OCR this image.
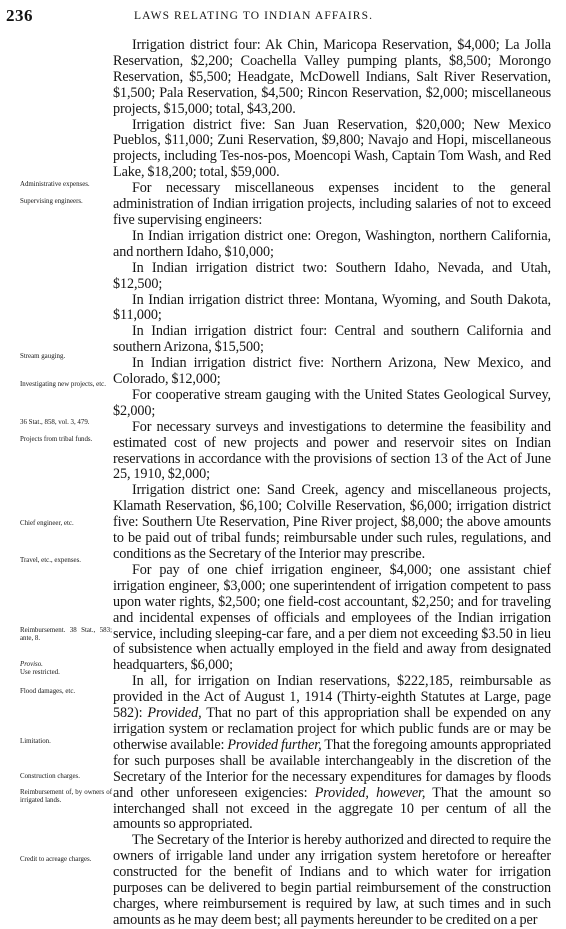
236	LAWS RELATING TO INDIAN AFFAIRS.
Administrative expenses.
Supervising engineers.
Stream gauging.
Investigating new projects, etc.
36 Stat., 858, vol. 3, 479.
Projects from tribal funds.
Chief engineer, etc.
Travel, etc., expenses.
Reimbursement. 38 Stat., 583; ante, 8.
Proviso.
Use restricted.
Flood damages, etc.
Limitation.
Construction charges.
Reimbursement of, by owners of irrigated lands.
Credit to acreage charges.

Irrigation district four: Ak Chin, Maricopa Reservation, $4,000; La Jolla Reservation, $2,200; Coachella Valley pumping plants, $8,500; Morongo Reservation, $5,500; Headgate, McDowell Indians, Salt River Reservation, $1,500; Pala Reservation, $4,500; Rincon Reservation, $2,000; miscellaneous projects, $15,000; total, $43,200.

Irrigation district five: San Juan Reservation, $20,000; New Mexico Pueblos, $11,000; Zuni Reservation, $9,800; Navajo and Hopi, miscellaneous projects, including Tes-nos-pos, Moencopi Wash, Captain Tom Wash, and Red Lake, $18,200; total, $59,000.

For necessary miscellaneous expenses incident to the general administration of Indian irrigation projects, including salaries of not to exceed five supervising engineers:

In Indian irrigation district one: Oregon, Washington, northern California, and northern Idaho, $10,000;

In Indian irrigation district two: Southern Idaho, Nevada, and Utah, $12,500;

In Indian irrigation district three: Montana, Wyoming, and South Dakota, $11,000;

In Indian irrigation district four: Central and southern California and southern Arizona, $15,500;

In Indian irrigation district five: Northern Arizona, New Mexico, and Colorado, $12,000;

For cooperative stream gauging with the United States Geological Survey, $2,000;

For necessary surveys and investigations to determine the feasibility and estimated cost of new projects and power and reservoir sites on Indian reservations in accordance with the provisions of section 13 of the Act of June 25, 1910, $2,000;

Irrigation district one: Sand Creek, agency and miscellaneous projects, Klamath Reservation, $6,100; Colville Reservation, $6,000; irrigation district five: Southern Ute Reservation, Pine River project, $8,000; the above amounts to be paid out of tribal funds; reimbursable under such rules, regulations, and conditions as the Secretary of the Interior may prescribe.

For pay of one chief irrigation engineer, $4,000; one assistant chief irrigation engineer, $3,000; one superintendent of irrigation competent to pass upon water rights, $2,500; one field-cost accountant, $2,250; and for traveling and incidental expenses of officials and employees of the Indian irrigation service, including sleeping-car fare, and a per diem not exceeding $3.50 in lieu of subsistence when actually employed in the field and away from designated headquarters, $6,000;

In all, for irrigation on Indian reservations, $222,185, reimbursable as provided in the Act of August 1, 1914 (Thirty-eighth Statutes at Large, page 582): Provided, That no part of this appropriation shall be expended on any irrigation system or reclamation project for which public funds are or may be otherwise available: Provided further, That the foregoing amounts appropriated for such purposes shall be available interchangeably in the discretion of the Secretary of the Interior for the necessary expenditures for damages by floods and other unforeseen exigencies: Provided, however, That the amount so interchanged shall not exceed in the aggregate 10 per centum of all the amounts so appropriated.

The Secretary of the Interior is hereby authorized and directed to require the owners of irrigable land under any irrigation system heretofore or hereafter constructed for the benefit of Indians and to which water for irrigation purposes can be delivered to begin partial reimbursement of the construction charges, where reimbursement is required by law, at such times and in such amounts as he may deem best; all payments hereunder to be credited on a per
